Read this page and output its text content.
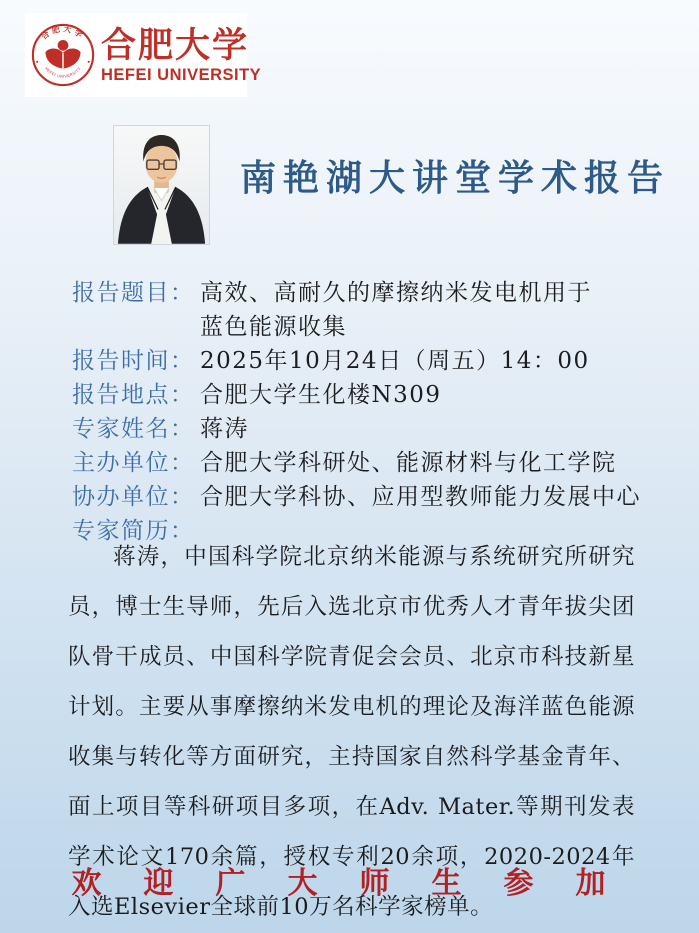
合肥大学
HEFEI UNIVERSITY
合肥大学
HEFEI UNIVERSITY
南艳湖大讲堂学术报告
报告题目： 高效、高耐久的摩擦纳米发电机用于
蓝色能源收集
报告时间： 2025年10月24日（周五）14：00
报告地点： 合肥大学生化楼N309
专家姓名： 蒋涛
主办单位： 合肥大学科研处、能源材料与化工学院
协办单位： 合肥大学科协、应用型教师能力发展中心
专家简历：

蒋涛，中国科学院北京纳米能源与系统研究所研究员，博士生导师，先后入选北京市优秀人才青年拔尖团队骨干成员、中国科学院青促会会员、北京市科技新星计划。主要从事摩擦纳米发电机的理论及海洋蓝色能源收集与转化等方面研究，主持国家自然科学基金青年、面上项目等科研项目多项，在Adv. Mater.等期刊发表学术论文170余篇，授权专利20余项，2020-2024年入选Elsevier全球前10万名科学家榜单。

欢迎广大师生参加
